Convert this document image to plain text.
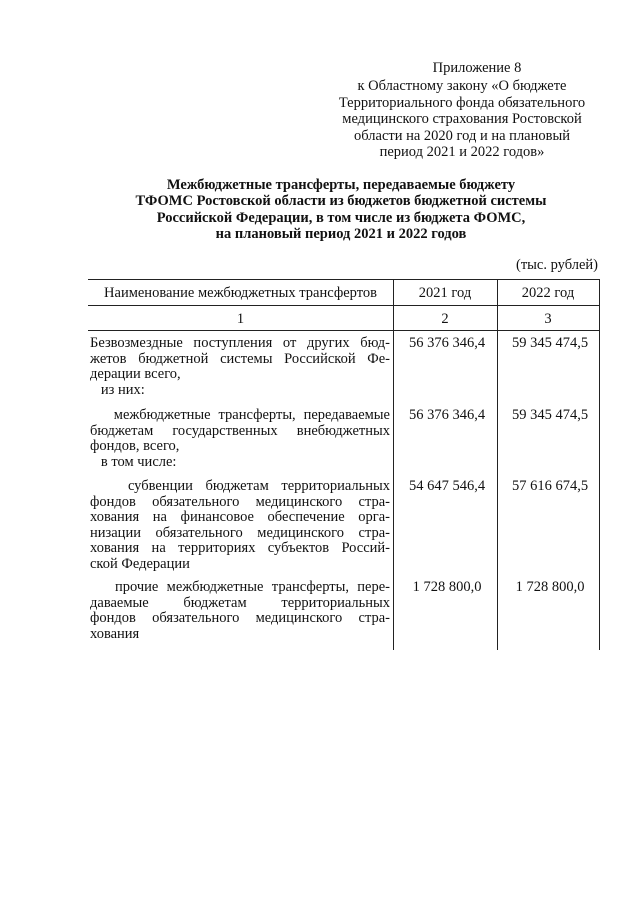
Приложение 8
к Областному закону «О бюджете
Территориального фонда обязательного
медицинского страхования Ростовской
области на 2020 год и на плановый
период 2021 и 2022 годов»
Межбюджетные трансферты, передаваемые бюджету
ТФОМС Ростовской области из бюджетов бюджетной системы
Российской Федерации, в том числе из бюджета ФОМС,
на плановый период 2021 и 2022 годов
(тыс. рублей)
Наименование межбюджетных трансфертов	2021 год	2022 год
1	2	3
Безвозмездные поступления от других бюд-
жетов бюджетной системы Российской Фе-
дерации всего,
из них:
56 376 346,4	59 345 474,5
межбюджетные трансферты, передаваемые
бюджетам государственных внебюджетных
фондов, всего,
в том числе:
56 376 346,4	59 345 474,5
субвенции бюджетам территориальных
фондов обязательного медицинского стра-
хования на финансовое обеспечение орга-
низации обязательного медицинского стра-
хования на территориях субъектов Россий-
ской Федерации
54 647 546,4	57 616 674,5
прочие межбюджетные трансферты, пере-
даваемые бюджетам территориальных
фондов обязательного медицинского стра-
хования
1 728 800,0	1 728 800,0
